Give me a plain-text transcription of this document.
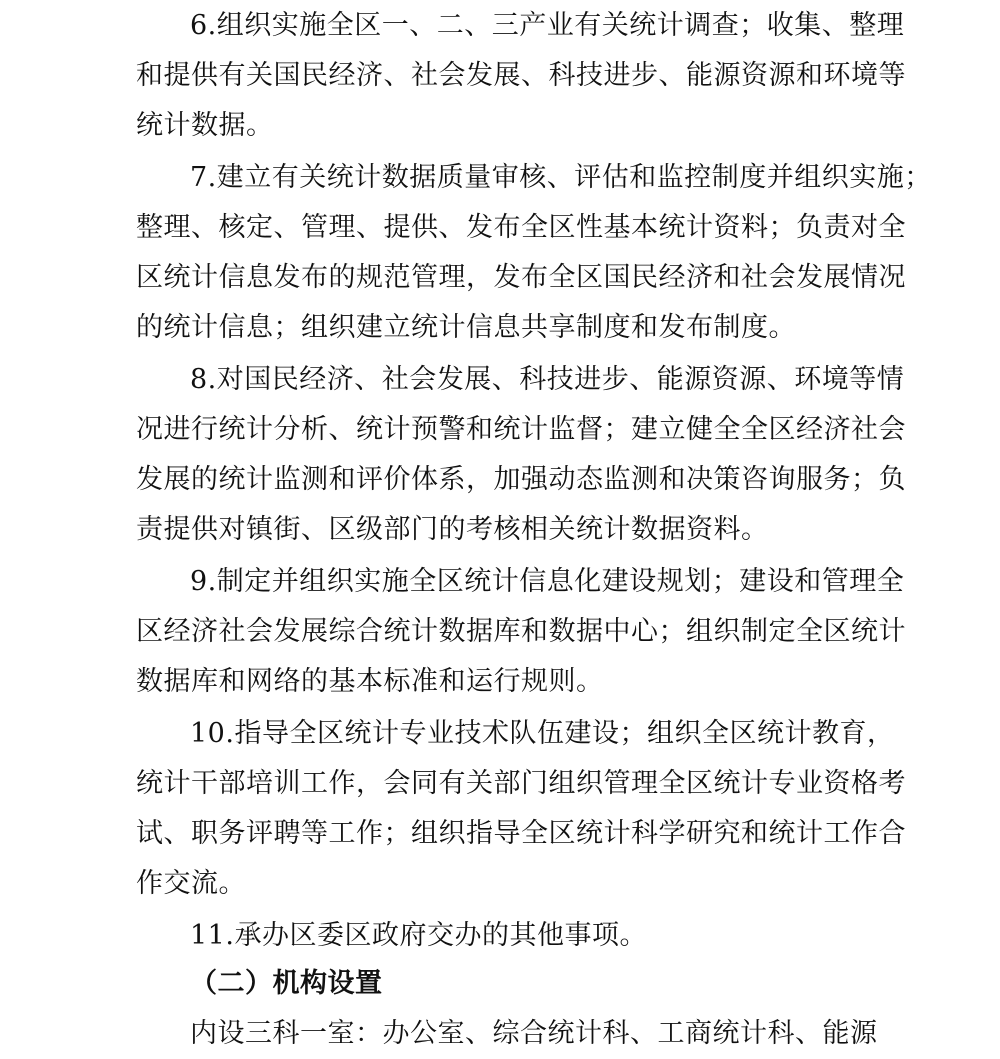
6.组织实施全区一、二、三产业有关统计调查；收集、整理
和提供有关国民经济、社会发展、科技进步、能源资源和环境等
统计数据。
7.建立有关统计数据质量审核、评估和监控制度并组织实施；
整理、核定、管理、提供、发布全区性基本统计资料；负责对全
区统计信息发布的规范管理，发布全区国民经济和社会发展情况
的统计信息；组织建立统计信息共享制度和发布制度。
8.对国民经济、社会发展、科技进步、能源资源、环境等情
况进行统计分析、统计预警和统计监督；建立健全全区经济社会
发展的统计监测和评价体系，加强动态监测和决策咨询服务；负
责提供对镇街、区级部门的考核相关统计数据资料。
9.制定并组织实施全区统计信息化建设规划；建设和管理全
区经济社会发展综合统计数据库和数据中心；组织制定全区统计
数据库和网络的基本标准和运行规则。
10.指导全区统计专业技术队伍建设；组织全区统计教育，
统计干部培训工作，会同有关部门组织管理全区统计专业资格考
试、职务评聘等工作；组织指导全区统计科学研究和统计工作合
作交流。
11.承办区委区政府交办的其他事项。
（二）机构设置
内设三科一室：办公室、综合统计科、工商统计科、能源
